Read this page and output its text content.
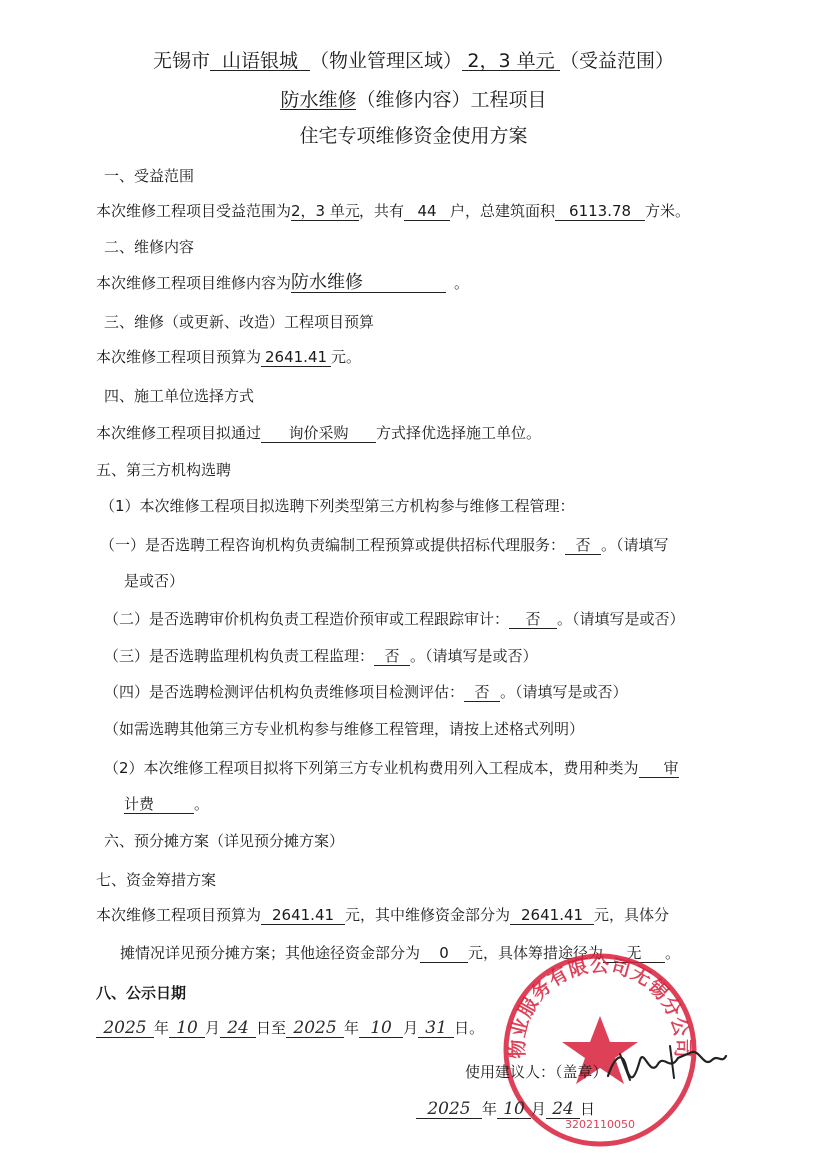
无锡市 山语银城 （物业管理区域） 2，3 单元 （受益范围）
防水维修（维修内容）工程项目
住宅专项维修资金使用方案
一、受益范围
本次维修工程项目受益范围为2，3 单元，共有 44 户，总建筑面积 6113.78 方米。
二、维修内容
本次维修工程项目维修内容为防水维修	。
三、维修（或更新、改造）工程项目预算
本次维修工程项目预算为 2641.41 元。
四、施工单位选择方式
本次维修工程项目拟通过 询价采购 方式择优选择施工单位。
五、第三方机构选聘
（1）本次维修工程项目拟选聘下列类型第三方机构参与维修工程管理：
（一）是否选聘工程咨询机构负责编制工程预算或提供招标代理服务： 否 。（请填写
是或否）
（二）是否选聘审价机构负责工程造价预审或工程跟踪审计： 否 。（请填写是或否）
（三）是否选聘监理机构负责工程监理： 否 。（请填写是或否）
（四）是否选聘检测评估机构负责维修项目检测评估： 否 。（请填写是或否）
（如需选聘其他第三方专业机构参与维修工程管理，请按上述格式列明）
（2）本次维修工程项目拟将下列第三方专业机构费用列入工程成本，费用种类为 审
计费	。
六、预分摊方案（详见预分摊方案）
七、资金筹措方案
本次维修工程项目预算为 2641.41 元，其中维修资金部分为 2641.41 元，具体分
摊情况详见预分摊方案；其他途径资金部分为 0 元，具体筹措途径为 无 。
八、公示日期
2025 年 10 月 24 日至 2025 年 10 月 31 日。
物业服务有限公司无锡分公司
3202110050
使用建议人：（盖章）
2025 年 10 月 24 日
